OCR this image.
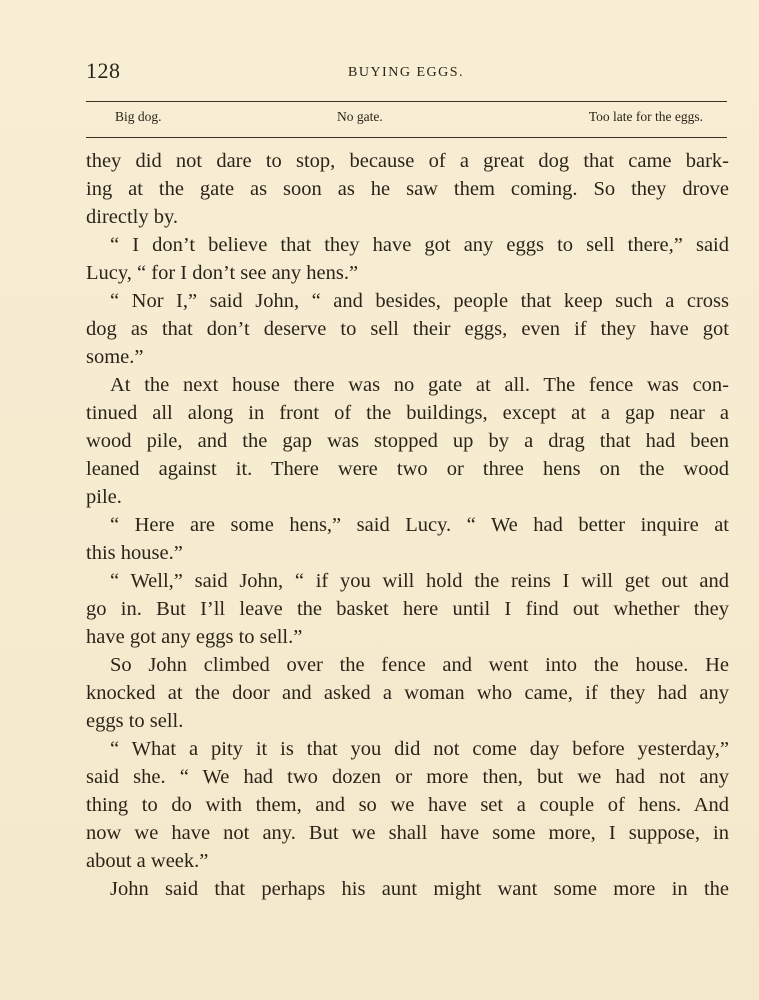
128	BUYING EGGS.
Big dog.	No gate.	Too late for the eggs.
they did not dare to stop, because of a great dog that came bark-
ing at the gate as soon as he saw them coming. So they drove
directly by.
“ I don’t believe that they have got any eggs to sell there,” said
Lucy, “ for I don’t see any hens.”
“ Nor I,” said John, “ and besides, people that keep such a cross
dog as that don’t deserve to sell their eggs, even if they have got
some.”
At the next house there was no gate at all. The fence was con-
tinued all along in front of the buildings, except at a gap near a
wood pile, and the gap was stopped up by a drag that had been
leaned against it. There were two or three hens on the wood
pile.
“ Here are some hens,” said Lucy. “ We had better inquire at
this house.”
“ Well,” said John, “ if you will hold the reins I will get out and
go in. But I’ll leave the basket here until I find out whether they
have got any eggs to sell.”
So John climbed over the fence and went into the house. He
knocked at the door and asked a woman who came, if they had any
eggs to sell.
“ What a pity it is that you did not come day before yesterday,”
said she. “ We had two dozen or more then, but we had not any
thing to do with them, and so we have set a couple of hens. And
now we have not any. But we shall have some more, I suppose, in
about a week.”
John said that perhaps his aunt might want some more in the
